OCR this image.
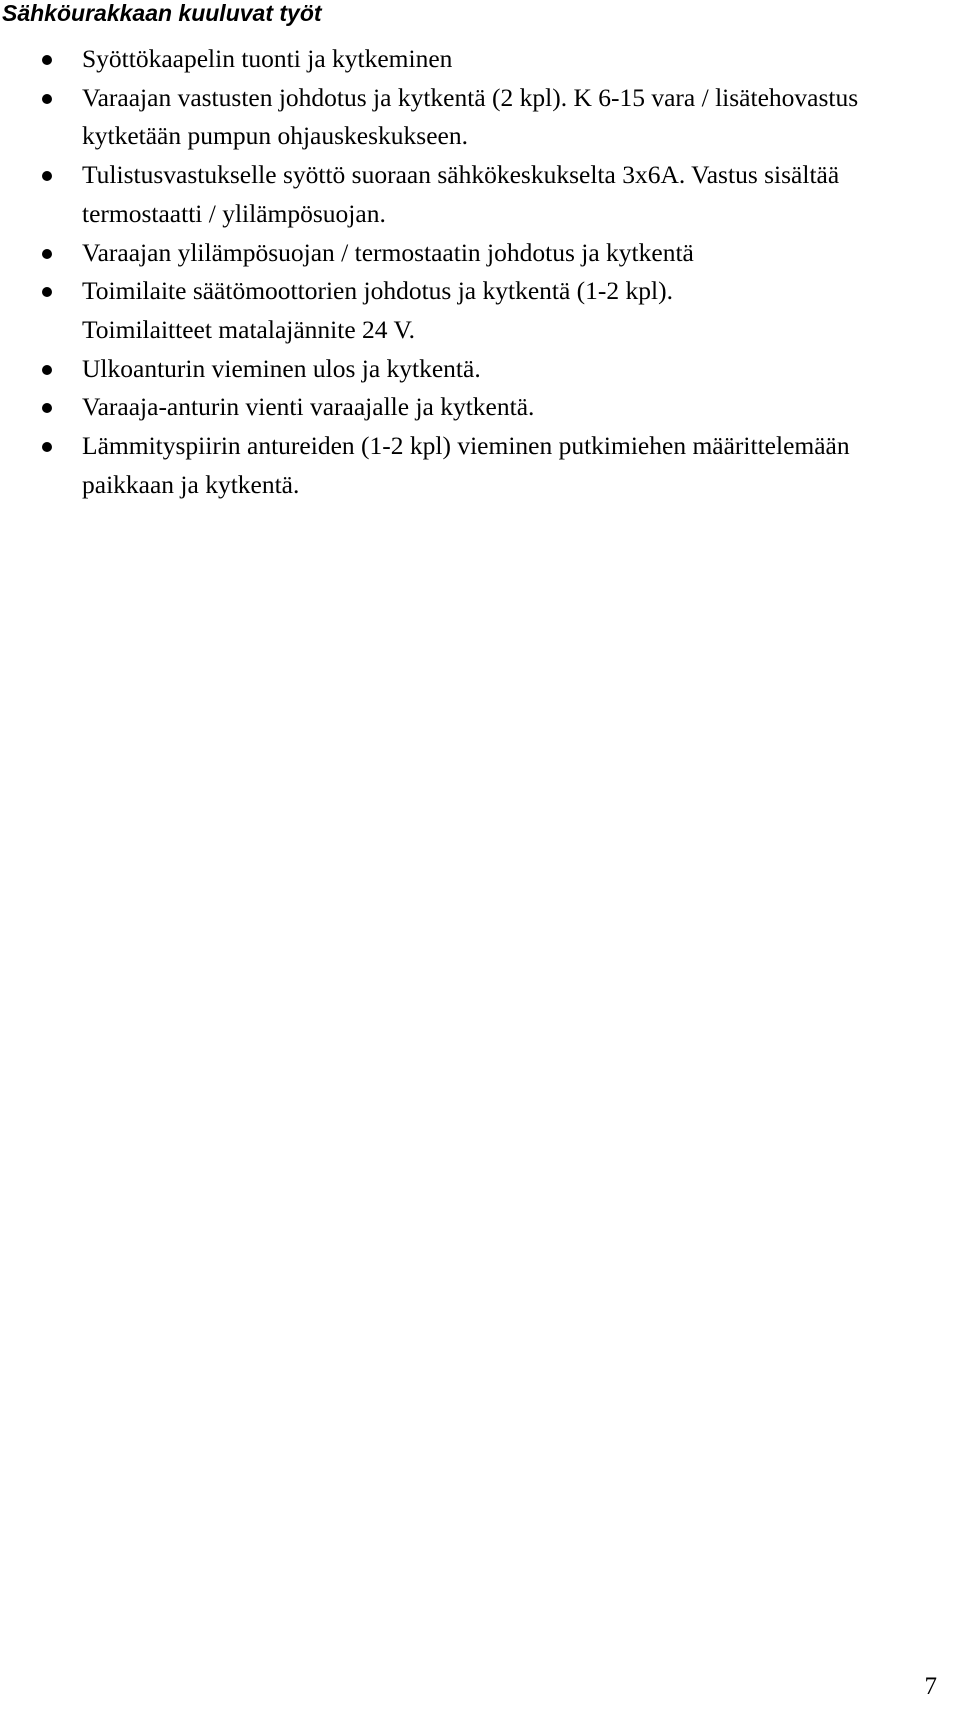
Sähköurakkaan kuuluvat työt
Syöttökaapelin tuonti ja kytkeminen
Varaajan vastusten johdotus ja kytkentä (2 kpl). K 6-15 vara / lisätehovastus kytketään pumpun ohjauskeskukseen.
Tulistusvastukselle syöttö suoraan sähkökeskukselta 3x6A. Vastus sisältää termostaatti / ylilämpösuojan.
Varaajan ylilämpösuojan / termostaatin johdotus ja kytkentä
Toimilaite säätömoottorien johdotus ja kytkentä (1-2 kpl).
Toimilaitteet matalajännite 24 V.
Ulkoanturin vieminen ulos ja kytkentä.
Varaaja-anturin vienti varaajalle ja kytkentä.
Lämmityspiirin antureiden (1-2 kpl) vieminen putkimiehen määrittelemään paikkaan ja kytkentä.
7
